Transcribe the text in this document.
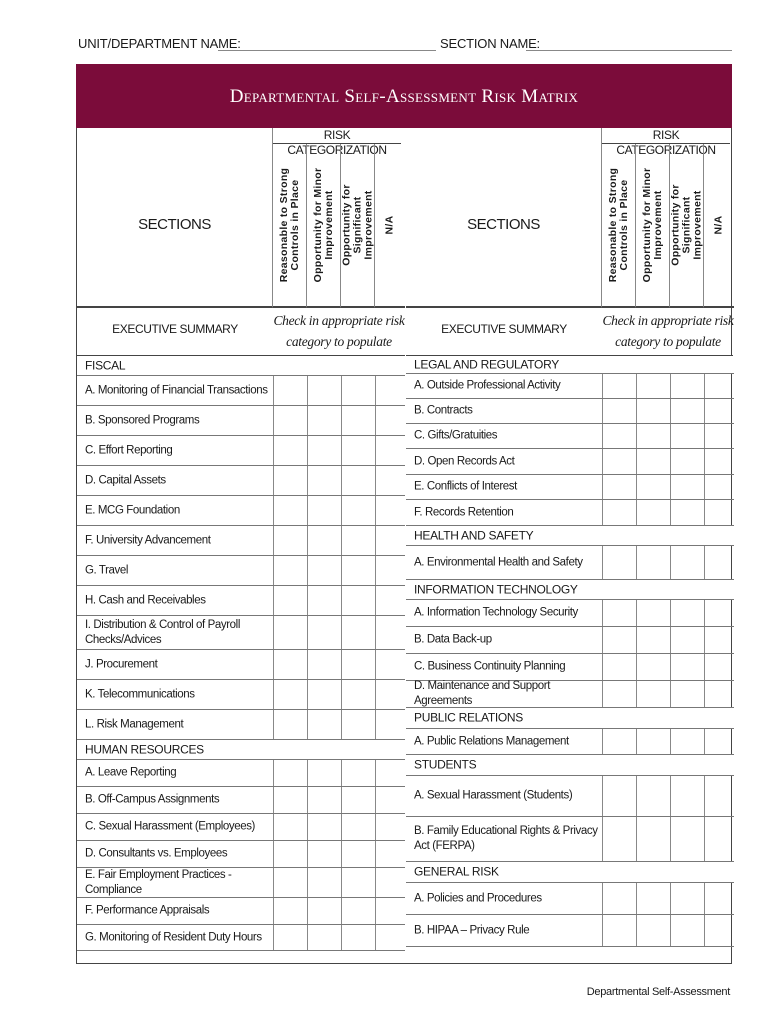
UNIT/DEPARTMENT NAME:	SECTION NAME:
Departmental Self-Assessment Risk Matrix
SECTIONS
RISK CATEGORIZATION
Reasonable to Strong Controls in Place Opportunity for Minor Improvement Opportunity for Significant Improvement N/A
EXECUTIVE SUMMARY
Check in appropriate risk category to populate
FISCAL
A. Monitoring of Financial Transactions
B. Sponsored Programs
C. Effort Reporting
D. Capital Assets
E. MCG Foundation
F. University Advancement
G. Travel
H. Cash and Receivables
I. Distribution & Control of Payroll Checks/Advices
J. Procurement
K. Telecommunications
L. Risk Management
HUMAN RESOURCES
A. Leave Reporting
B. Off-Campus Assignments
C. Sexual Harassment (Employees)
D. Consultants vs. Employees
E. Fair Employment Practices - Compliance
F. Performance Appraisals
G. Monitoring of Resident Duty Hours
SECTIONS
RISK CATEGORIZATION
Reasonable to Strong Controls in Place Opportunity for Minor Improvement Opportunity for Significant Improvement N/A
EXECUTIVE SUMMARY
Check in appropriate risk category to populate
LEGAL AND REGULATORY
A. Outside Professional Activity
B. Contracts
C. Gifts/Gratuities
D. Open Records Act
E. Conflicts of Interest
F. Records Retention
HEALTH AND SAFETY
A. Environmental Health and Safety
INFORMATION TECHNOLOGY
A. Information Technology Security
B. Data Back-up
C. Business Continuity Planning
D. Maintenance and Support Agreements
PUBLIC RELATIONS
A. Public Relations Management
STUDENTS
A. Sexual Harassment (Students)
B. Family Educational Rights & Privacy Act (FERPA)
GENERAL RISK
A. Policies and Procedures
B. HIPAA – Privacy Rule
Departmental Self-Assessment
